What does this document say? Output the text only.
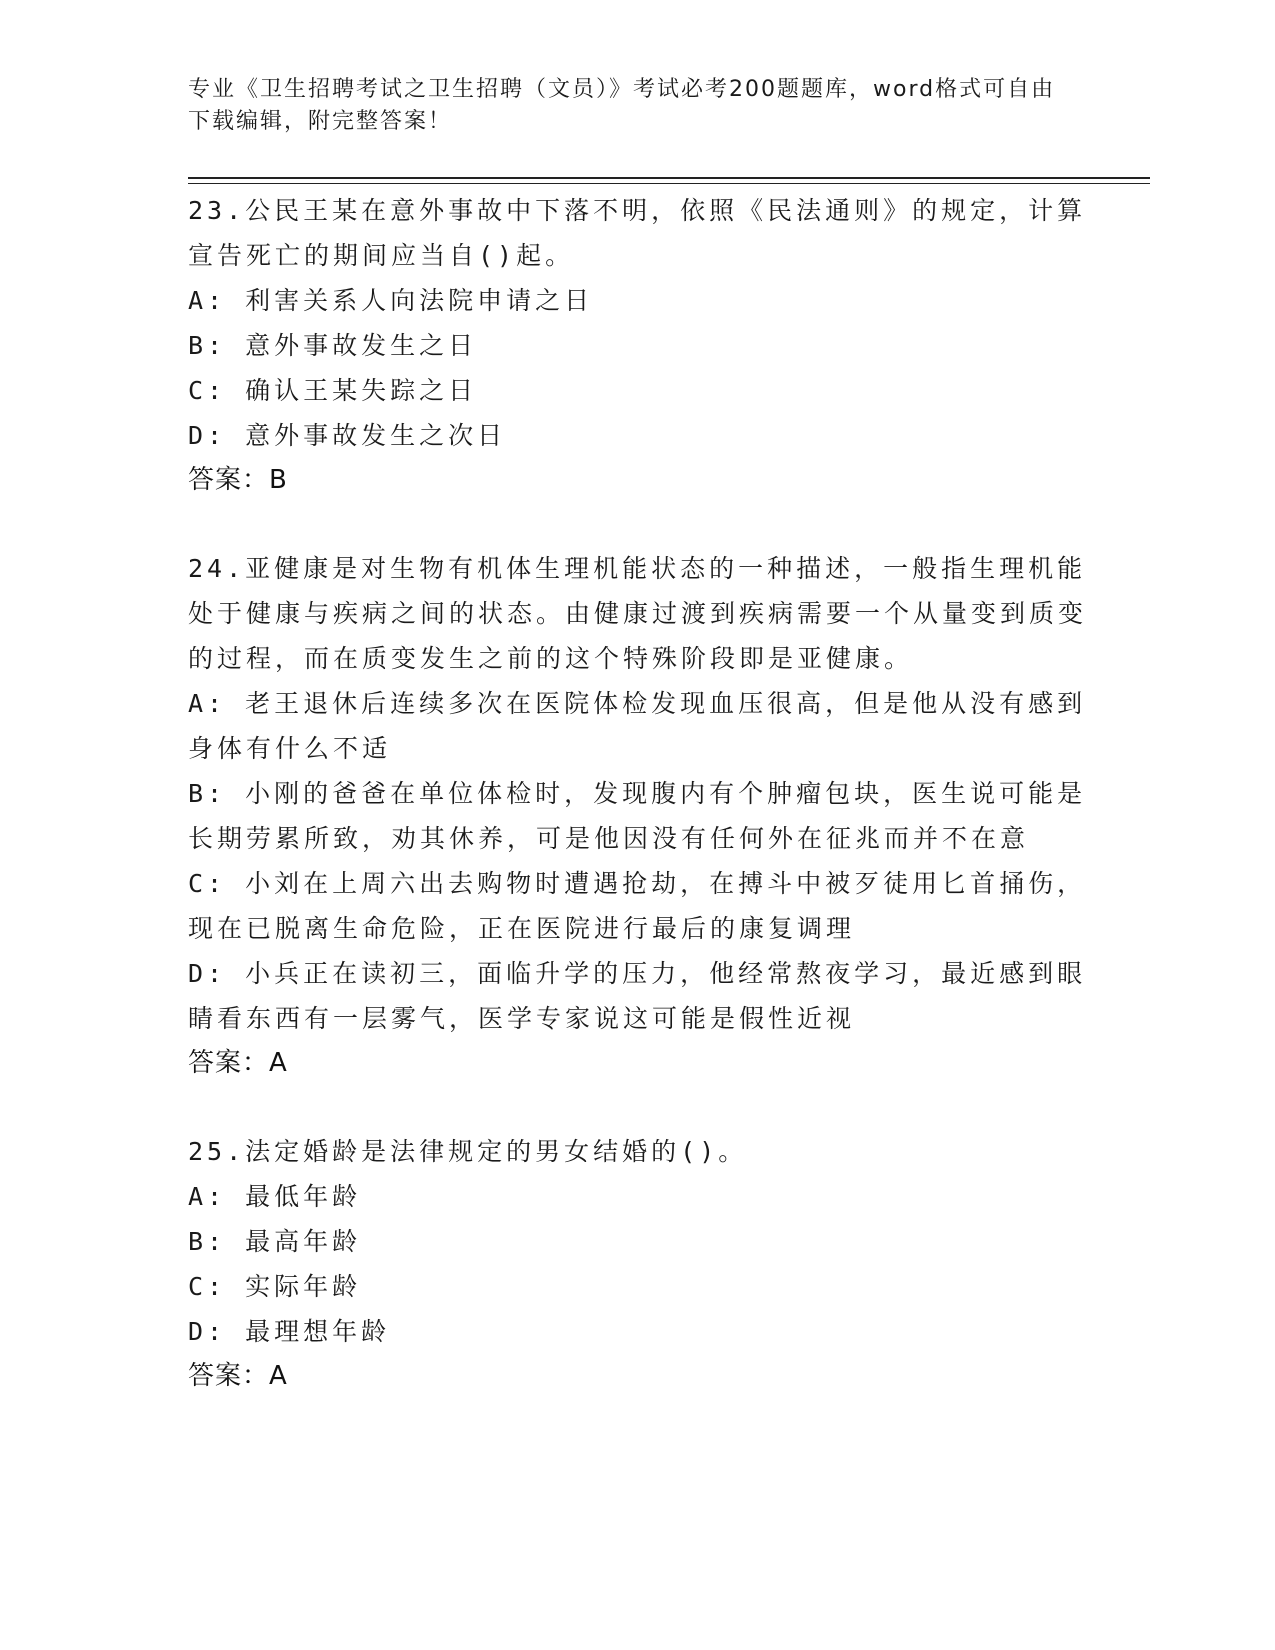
专业《卫生招聘考试之卫生招聘（文员）》考试必考200题题库，word格式可自由下载编辑，附完整答案！

23.公民王某在意外事故中下落不明，依照《民法通则》的规定，计算宣告死亡的期间应当自()起。

A: 利害关系人向法院申请之日

B: 意外事故发生之日

C: 确认王某失踪之日

D: 意外事故发生之次日

答案：B

24.亚健康是对生物有机体生理机能状态的一种描述，一般指生理机能处于健康与疾病之间的状态。由健康过渡到疾病需要一个从量变到质变的过程，而在质变发生之前的这个特殊阶段即是亚健康。

A: 老王退休后连续多次在医院体检发现血压很高，但是他从没有感到身体有什么不适

B: 小刚的爸爸在单位体检时，发现腹内有个肿瘤包块，医生说可能是长期劳累所致，劝其休养，可是他因没有任何外在征兆而并不在意

C: 小刘在上周六出去购物时遭遇抢劫，在搏斗中被歹徒用匕首捅伤，现在已脱离生命危险，正在医院进行最后的康复调理

D: 小兵正在读初三，面临升学的压力，他经常熬夜学习，最近感到眼睛看东西有一层雾气，医学专家说这可能是假性近视

答案：A

25.法定婚龄是法律规定的男女结婚的()。

A: 最低年龄

B: 最高年龄

C: 实际年龄

D: 最理想年龄

答案：A
